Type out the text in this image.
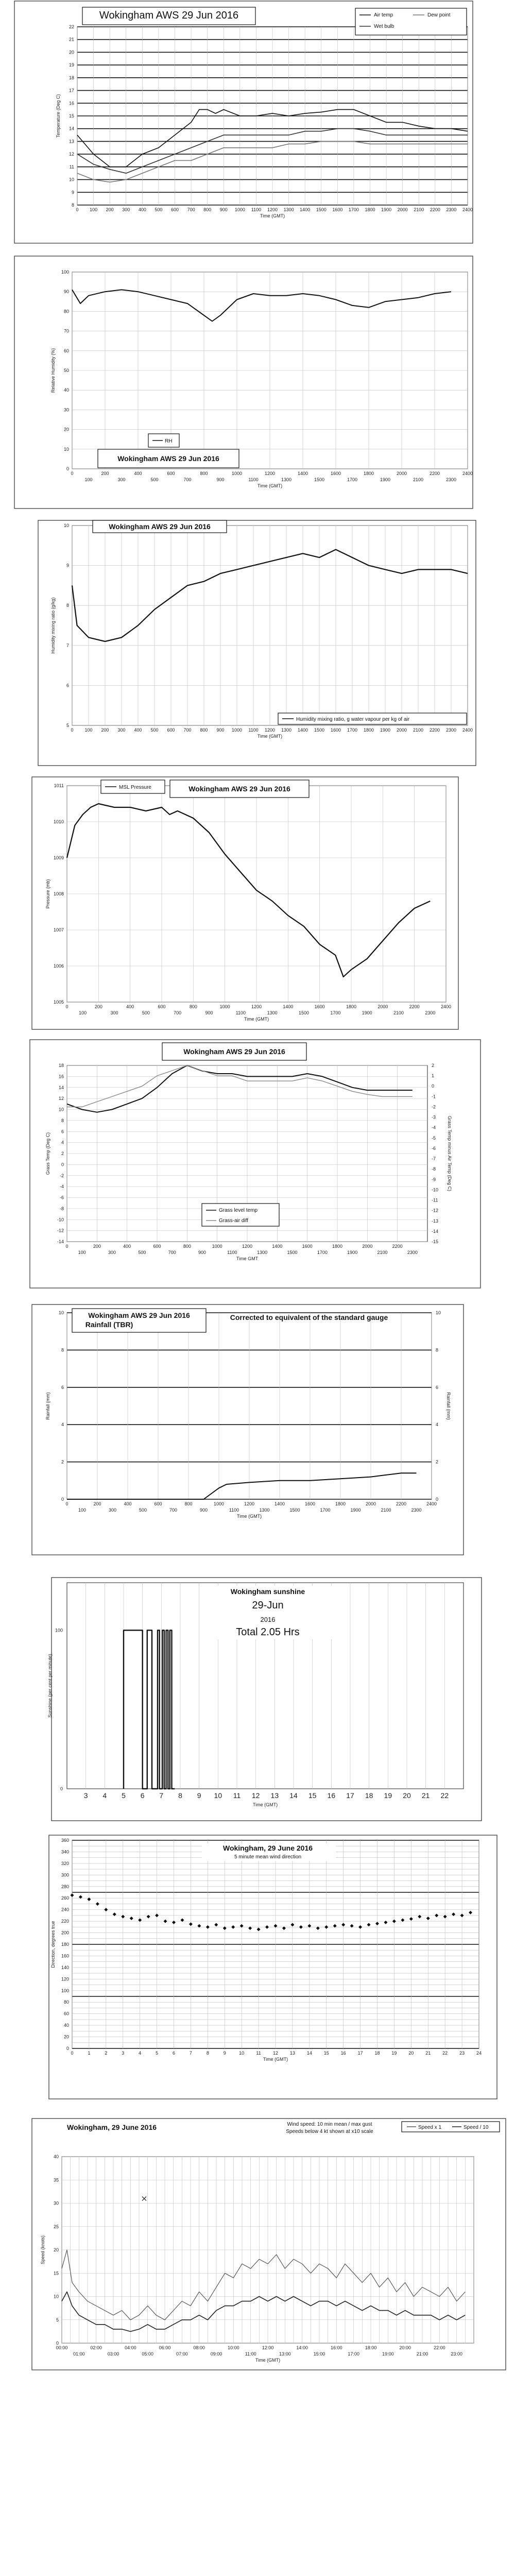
8
9
10
11
12
13
14
15
16
17
18
19
20
21
22
0 100 200 300 400 500 600 700 800 900 1000 1100 1200 1300 1400 1500 1600 1700 1800 1900 2000 2100 2200 2300 2400
Time (GMT)
Temperature (Deg C)
Wokingham AWS 29 Jun 2016	Air temp	Dew point
Wet bulb
0
10
20
30
40
50
60
70
80
90
100
0	200	400	600	800	1000	1200	1400	1600	1800	2000	2200	2400
100	300	500	700	900	1100	1300	1500	1700	1900	2100	2300
Time (GMT)
Relative Humidity (%)
RH
Wokingham AWS 29 Jun 2016
5
6
7
8
9
10
0 100 200 300 400 500 600 700 800 900 1000 1100 1200 1300 1400 1500 1600 1700 1800 1900 2000 2100 2200 2300 2400
Time (GMT)
Humidity mixing ratio (g/kg)
Wokingham AWS 29 Jun 2016
Humidity mixing ratio, g water vapour per kg of air
1005
1006
1007
1008
1009
1010
1011
0	200	400	600	800	1000	1200	1400	1600	1800	2000	2200	2400
100	300	500	700	900	1100	1300	1500	1700	1900	2100	2300
Time (GMT)
Pressure (mb)
MSL Pressure	Wokingham AWS 29 Jun 2016
-14
-12
-10
-8
-6
-4
-2
0
2
4
6
8
10
12
14
16
18
0	200	400	600	800	1000	1200	1400	1600	1800	2000	2200
100	300	500	700	900	1100	1300	1500	1700	1900	2100	2300
Time GMT
Grass Temp (Deg C)
-15
-14
-13
-12
-11
-10
-9
-8
-7
-6
-5
-4
-3
-2
-1
0
1
2
Grass Temp minus Air Temp (Deg C)
Wokingham AWS 29 Jun 2016
Grass level temp
Grass-air diff
0
2
4
6
8
10
0	200	400	600	800	1000	1200	1400	1600	1800	2000	2200	2400
100	300	500	700	900	1100	1300	1500	1700	1900	2100	2300
Time (GMT)
Rainfall (mm)
0
2
4
6
8
10
Rainfall (mm)
Wokingham AWS 29 Jun 2016
Rainfall (TBR)
Corrected to equivalent of the standard gauge
3 4 5 6 7 8 9 10 11 12 13 14 15 16 17 18 19 20 21 22
0
100
Time (GMT)
Sunshine (per cent per minute)
Wokingham sunshine
29-Jun
2016
Total 2.05 Hrs
0
20
40
60
80
100
120
140
160
180
200
220
240
260
280
300
320
340
360
0	1	2	3	4	5	6	7	8	9	10	11	12	13	14	15	16	17	18	19	20	21	22	23	24
Time (GMT)
Direction, degrees true
Wokingham, 29 June 2016
5 minute mean wind direction
0
5
10
15
20
25
30
35
40
00:00	02:00	04:00	06:00	08:00	10:00	12:00	14:00	16:00	18:00	20:00	22:00
01:00	03:00	05:00	07:00	09:00	11:00	13:00	15:00	17:00	19:00	21:00	23:00
Time (GMT)
Speed (knots)
Wokingham, 29 June 2016	Wind speed: 10 min mean / max gust
Speeds below 4 kt shown at x10 scale
Speed x 1	Speed / 10
